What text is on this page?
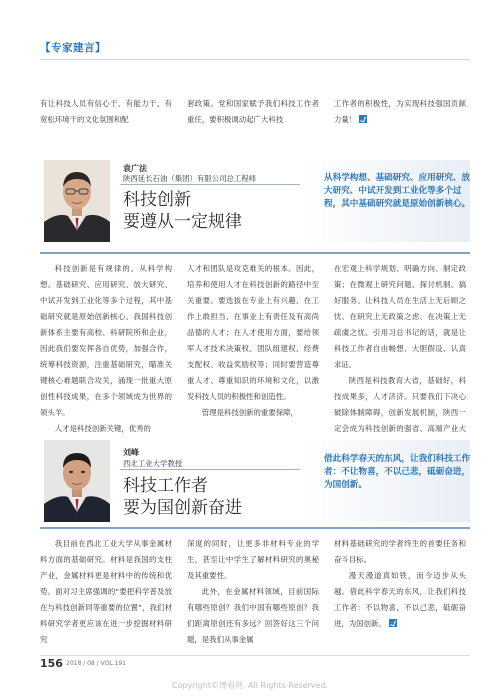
【专家建言】

有让科技人员有信心干、有能力干、有宽松环境干的文化氛围和配

套政策。党和国家赋予我们科技工作者重任，要积极调动起广大科技

工作者的积极性，为实现科技强国贡献力量！

袁广法
陕西延长石油（集团）有限公司总工程师
科技创新
要遵从一定规律
从科学构想、基础研究、应用研究、放大研究、中试开发到工业化等多个过程，其中基础研究就是原始创新核心。

科技创新是有规律的。从科学构想、基础研究、应用研究、放大研究、中试开发到工业化等多个过程，其中基础研究就是原始创新核心。我国科技创新体系主要有高校、科研院所和企业，因此我们要发挥各自优势，加强合作，统筹科技资源，注重基础研究，瞄准关键核心难题联合攻关，涌现一批重大原创性科技成果，在多个领域成为世界的领头羊。

人才是科技创新关键，优秀的

人才和团队是攻克难关的根本。因此，培养和使用人才在科技创新的路径中至关重要。要选拔在专业上有兴趣、在工作上敢担当、在事业上有责任及有高尚品德的人才；在人才使用方面，要给领军人才技术决策权、团队组建权、经费支配权、收益奖励权等；同时要营造尊重人才、尊重知识的环境和文化，以激发科技人员的积极性和创造性。

管理是科技创新的重要保障，

在宏观上科学规划、明确方向、制定政策；在微观上研究问题、探讨机制、搞好服务。让科技人员在生活上无后顾之忧、在研究上无政策之虑、在决策上无疏虞之忧、引用习总书记的话，就是让科技工作者自由畅想、大胆假设、认真求证。

陕西是科技教育大省，基础好，科技成果多，人才济济。只要我们下决心破除体制障碍，创新发展机制，陕西一定会成为科技创新的强省、高端产业大

刘峰
西北工业大学教授
科技工作者
要为国创新奋进
借此科学春天的东风，让我们科技工作者：不让物喜，不以己悲，砥砺奋进，为国创新。

我目前在西北工业大学从事金属材料方面的基础研究。材料是我国的支柱产业，金属材料更是材料中的传统和优势。面对习主席强调的“要把科学普及放在与科技创新同等重要的位置”，我们材料研究学者更应该在进一步挖掘材料研究

深度的同时，让更多非材料专业的学生，甚至让中学生了解材料研究的奥秘及其重要性。

此外，在金属材料领域，目前国际有哪些原创？我们中国有哪些原创？我们距离原创还有多远？回答好这三个问题，是我们从事金属

材料基础研究的学者终生的首要任务和奋斗目标。

漫天漫道真如铁，而今迈步从头越。借此科学春天的东风，让我们科技工作者：不以物喜，不以己悲，砥砺奋进，为国创新。

156 2018 / 08 / VOL.191
Copyright©博看网. All Rights Reserved.
